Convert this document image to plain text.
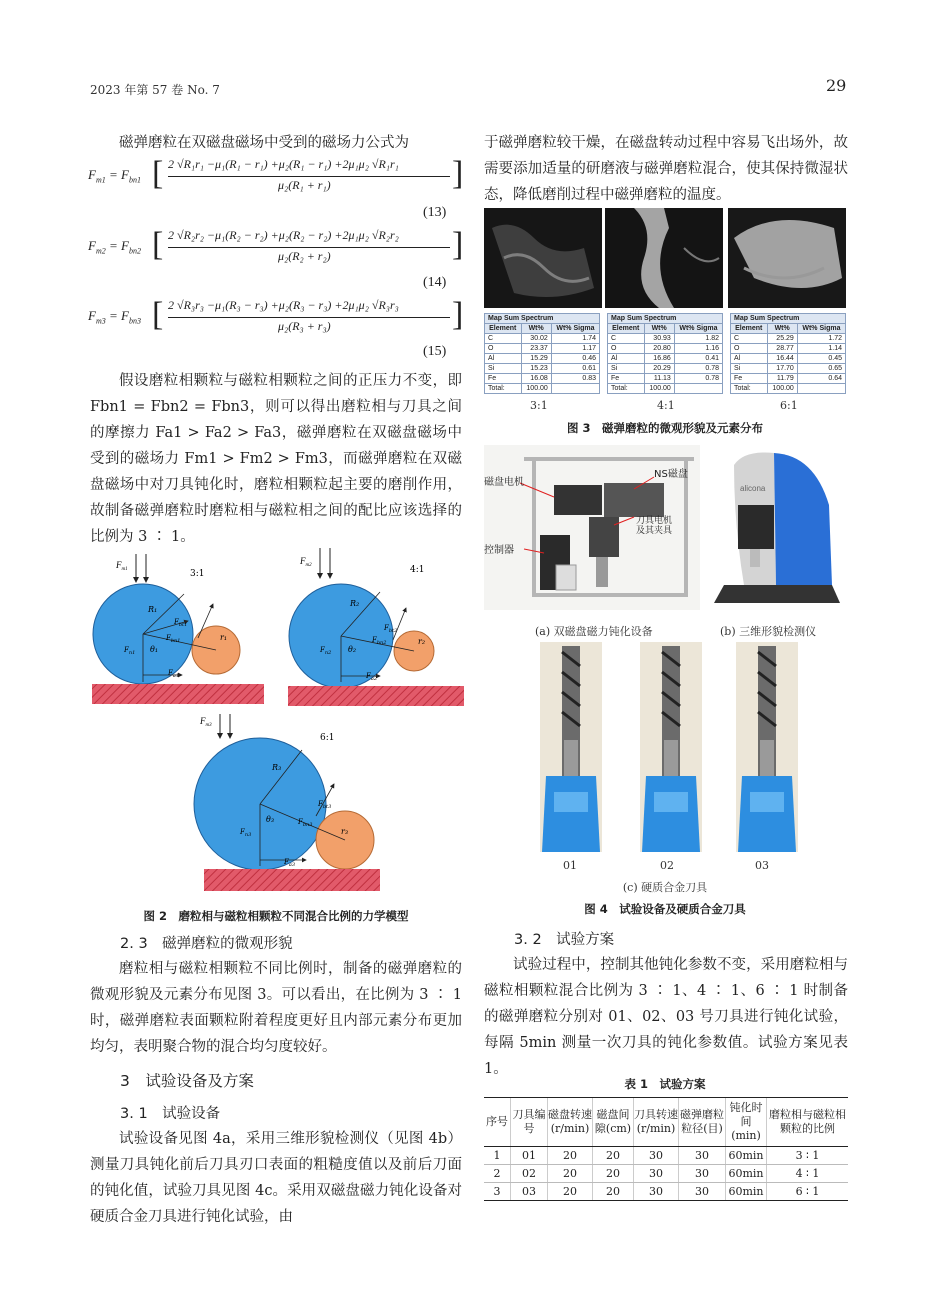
2023 年第 57 卷 No. 7	29
磁弹磨粒在双磁盘磁场中受到的磁场力公式为
$F_{m1} = F_{bn1}$ [ 2 √R₁r₁ −μ₁(R₁ − r₁) +μ₂(R₁ − r₁) +2μ₁μ₂ √R₁r₁
μ₂(R₁ + r₁)	]
(13)
$F_{m2} = F_{bn2}$ [ 2 √R₂r₂ −μ₁(R₂ − r₂) +μ₂(R₂ − r₂) +2μ₁μ₂ √R₂r₂
μ₂(R₂ + r₂)	]
(14)
$F_{m3} = F_{bn3}$ [ 2 √R₃r₃ −μ₁(R₃ − r₃) +μ₂(R₃ − r₃) +2μ₁μ₂ √R₃r₃
μ₂(R₃ + r₃)	]
(15)
假设磨粒相颗粒与磁粒相颗粒之间的正压力不变，即 Fbn1 = Fbn2 = Fbn3，则可以得出磨粒相与刀具之间的摩擦力 Fa1 > Fa2 > Fa3，磁弹磨粒在双磁盘磁场中受到的磁场力 Fm1 > Fm2 > Fm3，而磁弹磨粒在双磁盘磁场中对刀具钝化时，磨粒相颗粒起主要的磨削作用，故制备磁弹磨粒时磨粒相与磁粒相之间的配比应该选择的比例为 3 ∶ 1。
$F_{m1}$	3:1
R₁
r₁
θ₁
$F_{bt1}$
$F_{bn1}$
$F_{n1}$
$F_{a1}$
$F_{m2}$	4:1
R₂
r₂
θ₂
$F_{bt2}$
$F_{bn2}$
$F_{n2}$
$F_{a2}$
$F_{m3}$
6:1
R₃
r₃
θ₃
$F_{bt3}$
$F_{bn3}$
$F_{n3}$
$F_{a3}$
图 2　磨粒相与磁粒相颗粒不同混合比例的力学模型
2. 3　磁弹磨粒的微观形貌
磨粒相与磁粒相颗粒不同比例时，制备的磁弹磨粒的微观形貌及元素分布见图 3。可以看出，在比例为 3 ∶ 1 时，磁弹磨粒表面颗粒附着程度更好且内部元素分布更加均匀，表明聚合物的混合均匀度较好。
3　试验设备及方案
3. 1　试验设备
试验设备见图 4a，采用三维形貌检测仪（见图 4b）测量刀具钝化前后刀具刃口表面的粗糙度值以及前后刀面的钝化值，试验刀具见图 4c。采用双磁盘磁力钝化设备对硬质合金刀具进行钝化试验，由
于磁弹磨粒较干燥，在磁盘转动过程中容易飞出场外，故需要添加适量的研磨液与磁弹磨粒混合，使其保持微湿状态，降低磨削过程中磁弹磨粒的温度。
Map Sum Spectrum		
Element	Wt%	Wt% Sigma
C	30.02	1.74
O	23.37	1.17
Al	15.29	0.46
Si	15.23	0.61
Fe	16.08	0.83
Total:	100.00	
Map Sum Spectrum		
Element	Wt%	Wt% Sigma
C	30.93	1.82
O	20.80	1.16
Al	16.86	0.41
Si	20.29	0.78
Fe	11.13	0.78
Total:	100.00	
Map Sum Spectrum		
Element	Wt%	Wt% Sigma
C	25.29	1.72
O	28.77	1.14
Al	16.44	0.45
Si	17.70	0.65
Fe	11.79	0.64
Total:	100.00	
3:1	4:1	6:1
图 3　磁弹磨粒的微观形貌及元素分布
磁盘电机
NS磁盘
刀具电机
及其夹具
控制器
alicona
(a) 双磁盘磁力钝化设备	(b) 三维形貌检测仪
01	02	03
(c) 硬质合金刀具
图 4　试验设备及硬质合金刀具
3. 2　试验方案
试验过程中，控制其他钝化参数不变，采用磨粒相与磁粒相颗粒混合比例为 3 ∶ 1、4 ∶ 1、6 ∶ 1 时制备的磁弹磨粒分别对 01、02、03 号刀具进行钝化试验，每隔 5min 测量一次刀具的钝化参数值。试验方案见表 1。
表 1　试验方案
序号	刀具编号	磁盘转速(r/min)	磁盘间隙(cm)	刀具转速(r/min)	磁弹磨粒粒径(目)	钝化时间(min)	磨粒相与磁粒相颗粒的比例
1	01	20	20	30	30	60min	3 ∶ 1
2	02	20	20	30	30	60min	4 ∶ 1
3	03	20	20	30	30	60min	6 ∶ 1
